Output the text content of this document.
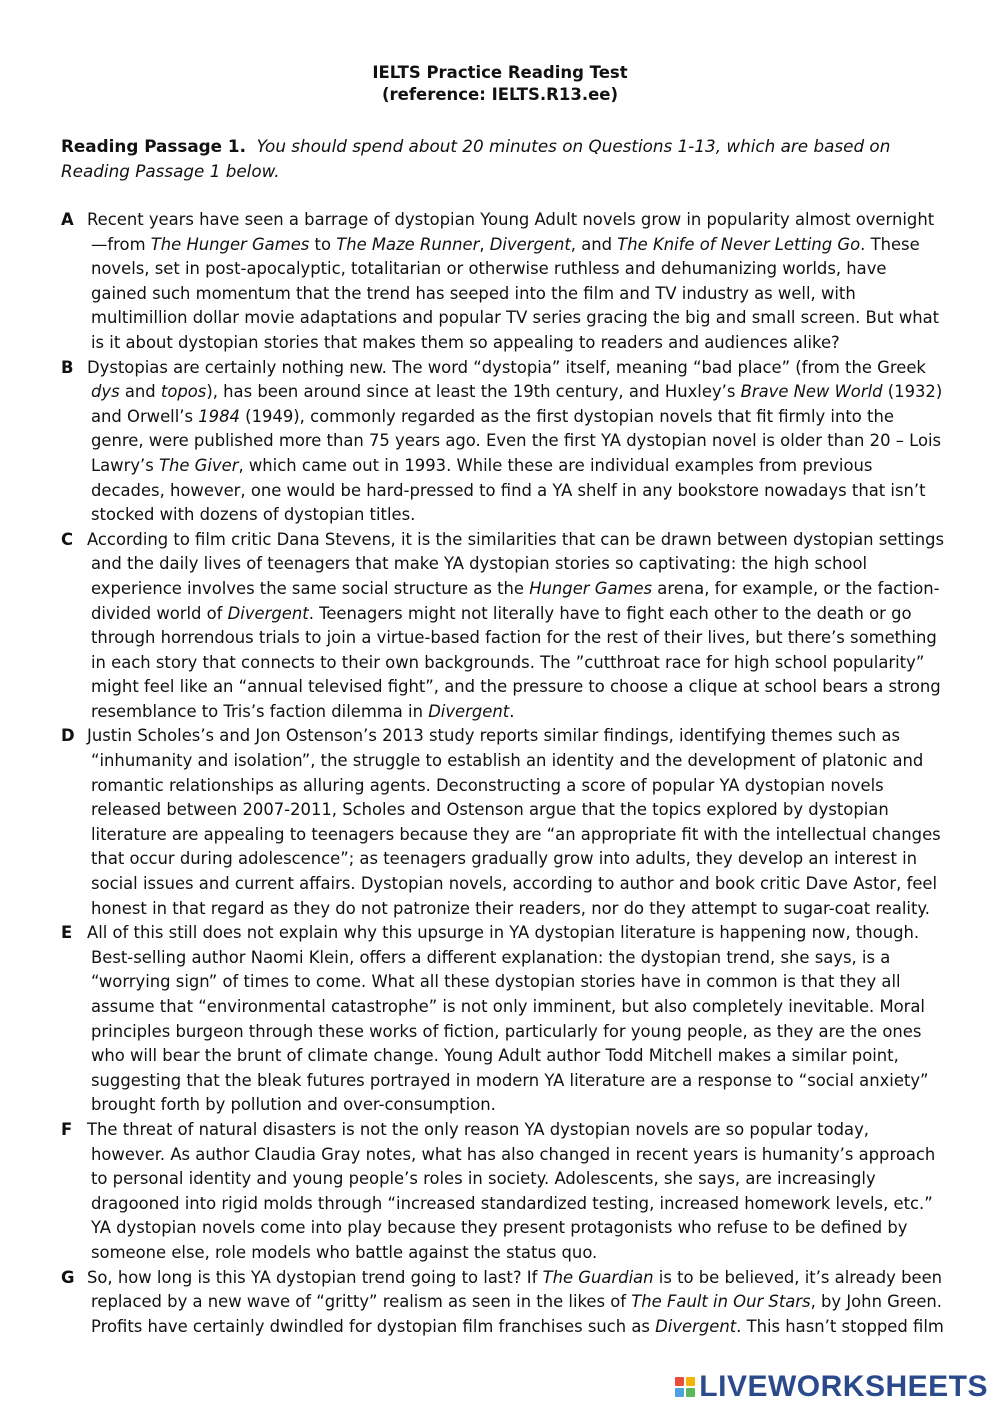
IELTS Practice Reading Test
(reference: IELTS.R13.ee)
Reading Passage 1. You should spend about 20 minutes on Questions 1-13, which are based on Reading Passage 1 below.

A Recent years have seen a barrage of dystopian Young Adult novels grow in popularity almost overnight—from The Hunger Games to The Maze Runner, Divergent, and The Knife of Never Letting Go. These novels, set in post-apocalyptic, totalitarian or otherwise ruthless and dehumanizing worlds, have gained such momentum that the trend has seeped into the film and TV industry as well, with multimillion dollar movie adaptations and popular TV series gracing the big and small screen. But what is it about dystopian stories that makes them so appealing to readers and audiences alike?

B Dystopias are certainly nothing new. The word “dystopia” itself, meaning “bad place” (from the Greek dys and topos), has been around since at least the 19th century, and Huxley’s Brave New World (1932) and Orwell’s 1984 (1949), commonly regarded as the first dystopian novels that fit firmly into the genre, were published more than 75 years ago. Even the first YA dystopian novel is older than 20 – Lois Lawry’s The Giver, which came out in 1993. While these are individual examples from previous decades, however, one would be hard-pressed to find a YA shelf in any bookstore nowadays that isn’t stocked with dozens of dystopian titles.

C According to film critic Dana Stevens, it is the similarities that can be drawn between dystopian settings and the daily lives of teenagers that make YA dystopian stories so captivating: the high school experience involves the same social structure as the Hunger Games arena, for example, or the faction-divided world of Divergent. Teenagers might not literally have to fight each other to the death or go through horrendous trials to join a virtue-based faction for the rest of their lives, but there’s something in each story that connects to their own backgrounds. The ”cutthroat race for high school popularity” might feel like an “annual televised fight”, and the pressure to choose a clique at school bears a strong resemblance to Tris’s faction dilemma in Divergent.

D Justin Scholes’s and Jon Ostenson’s 2013 study reports similar findings, identifying themes such as “inhumanity and isolation”, the struggle to establish an identity and the development of platonic and romantic relationships as alluring agents. Deconstructing a score of popular YA dystopian novels released between 2007-2011, Scholes and Ostenson argue that the topics explored by dystopian literature are appealing to teenagers because they are “an appropriate fit with the intellectual changes that occur during adolescence”; as teenagers gradually grow into adults, they develop an interest in social issues and current affairs. Dystopian novels, according to author and book critic Dave Astor, feel honest in that regard as they do not patronize their readers, nor do they attempt to sugar-coat reality.

E All of this still does not explain why this upsurge in YA dystopian literature is happening now, though. Best-selling author Naomi Klein, offers a different explanation: the dystopian trend, she says, is a “worrying sign” of times to come. What all these dystopian stories have in common is that they all assume that “environmental catastrophe” is not only imminent, but also completely inevitable. Moral principles burgeon through these works of fiction, particularly for young people, as they are the ones who will bear the brunt of climate change. Young Adult author Todd Mitchell makes a similar point, suggesting that the bleak futures portrayed in modern YA literature are a response to “social anxiety” brought forth by pollution and over-consumption.

F The threat of natural disasters is not the only reason YA dystopian novels are so popular today, however. As author Claudia Gray notes, what has also changed in recent years is humanity’s approach to personal identity and young people’s roles in society. Adolescents, she says, are increasingly dragooned into rigid molds through “increased standardized testing, increased homework levels, etc.” YA dystopian novels come into play because they present protagonists who refuse to be defined by someone else, role models who battle against the status quo.

G So, how long is this YA dystopian trend going to last? If The Guardian is to be believed, it’s already been replaced by a new wave of “gritty” realism as seen in the likes of The Fault in Our Stars, by John Green. Profits have certainly dwindled for dystopian film franchises such as Divergent. This hasn’t stopped film

LIVEWORKSHEETS
